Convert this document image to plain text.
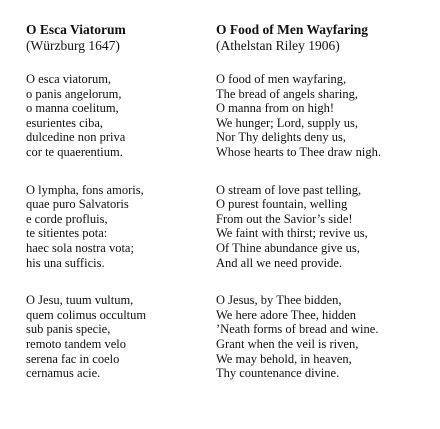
O Esca Viatorum
(Würzburg 1647)
O esca viatorum,
o panis angelorum,
o manna coelitum,
esurientes ciba,
dulcedine non priva
cor te quaerentium.
O lympha, fons amoris,
quae puro Salvatoris
e corde profluis,
te sitientes pota:
haec sola nostra vota;
his una sufficis.
O Jesu, tuum vultum,
quem colimus occultum
sub panis specie,
remoto tandem velo
serena fac in coelo
cernamus acie.
O Food of Men Wayfaring
(Athelstan Riley 1906)
O food of men wayfaring,
The bread of angels sharing,
O manna from on high!
We hunger; Lord, supply us,
Nor Thy delights deny us,
Whose hearts to Thee draw nigh.
O stream of love past telling,
O purest fountain, welling
From out the Savior’s side!
We faint with thirst; revive us,
Of Thine abundance give us,
And all we need provide.
O Jesus, by Thee bidden,
We here adore Thee, hidden
’Neath forms of bread and wine.
Grant when the veil is riven,
We may behold, in heaven,
Thy countenance divine.
